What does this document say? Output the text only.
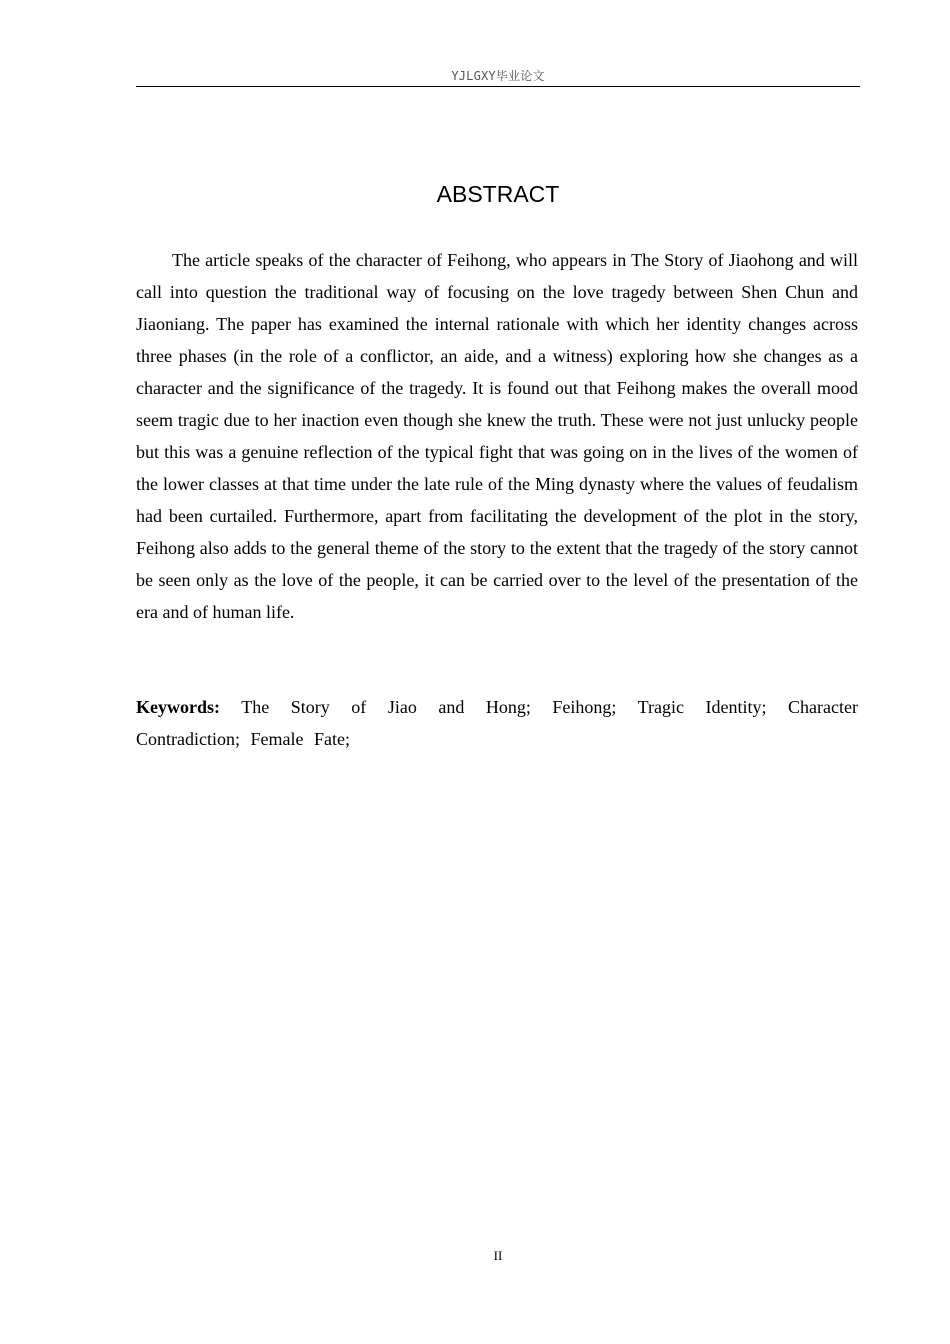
YJLGXY毕业论文
ABSTRACT

The article speaks of the character of Feihong, who appears in The Story of Jiaohong and will call into question the traditional way of focusing on the love tragedy between Shen Chun and Jiaoniang. The paper has examined the internal rationale with which her identity changes across three phases (in the role of a conflictor, an aide, and a witness) exploring how she changes as a character and the significance of the tragedy. It is found out that Feihong makes the overall mood seem tragic due to her inaction even though she knew the truth. These were not just unlucky people but this was a genuine reflection of the typical fight that was going on in the lives of the women of the lower classes at that time under the late rule of the Ming dynasty where the values of feudalism had been curtailed. Furthermore, apart from facilitating the development of the plot in the story, Feihong also adds to the general theme of the story to the extent that the tragedy of the story cannot be seen only as the love of the people, it can be carried over to the level of the presentation of the era and of human life.

Keywords: The Story of Jiao and Hong; Feihong; Tragic Identity; Character Contradiction; Female Fate;

II
